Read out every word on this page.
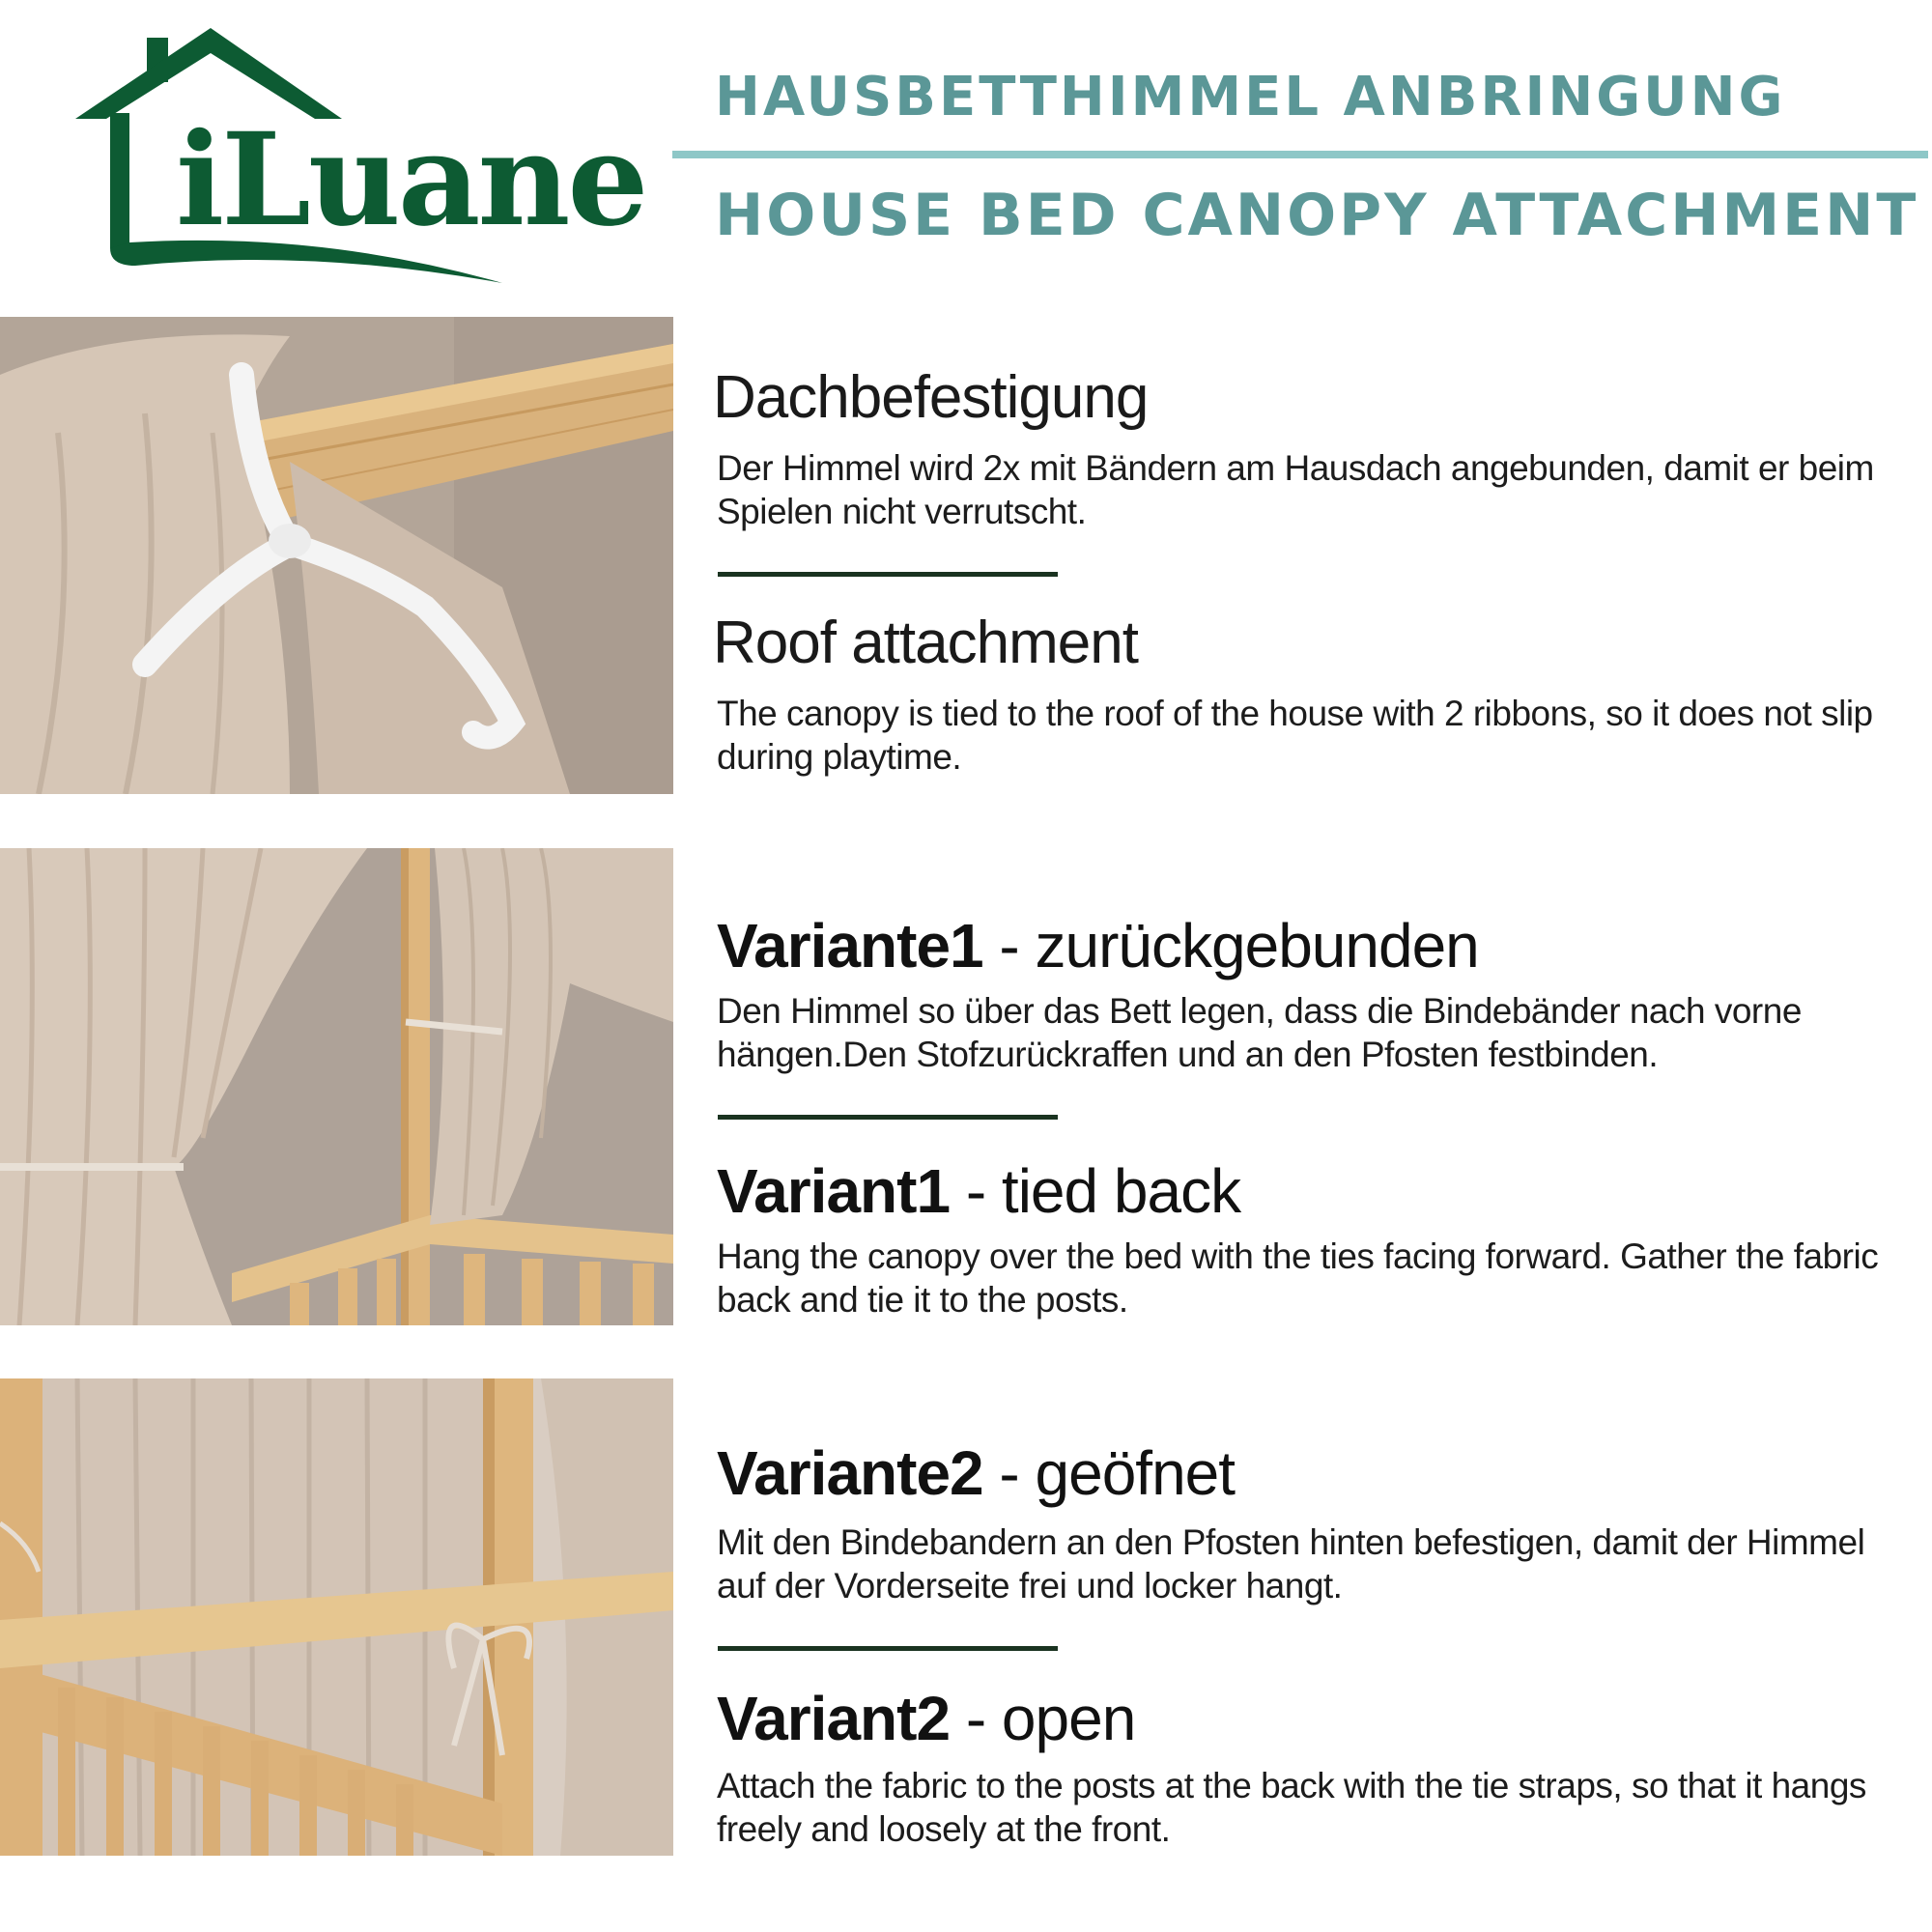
iLuane
HAUSBETTHIMMEL ANBRINGUNG
HOUSE BED CANOPY ATTACHMENT
Dachbefestigung
Der Himmel wird 2x mit Bändern am Hausdach angebunden, damit er beim Spielen nicht verrutscht.
Roof attachment
The canopy is tied to the roof of the house with 2 ribbons, so it does not slip during playtime.
Variante1 - zurückgebunden
Den Himmel so über das Bett legen, dass die Bindebänder nach vorne hängen.Den Stofzurückraffen und an den Pfosten festbinden.
Variant1 - tied back
Hang the canopy over the bed with the ties facing forward. Gather the fabric back and tie it to the posts.
Variante2 - geöfnet
Mit den Bindebandern an den Pfosten hinten befestigen, damit der Himmel auf der Vorderseite frei und locker hangt.
Variant2 - open
Attach the fabric to the posts at the back with the tie straps, so that it hangs freely and loosely at the front.
